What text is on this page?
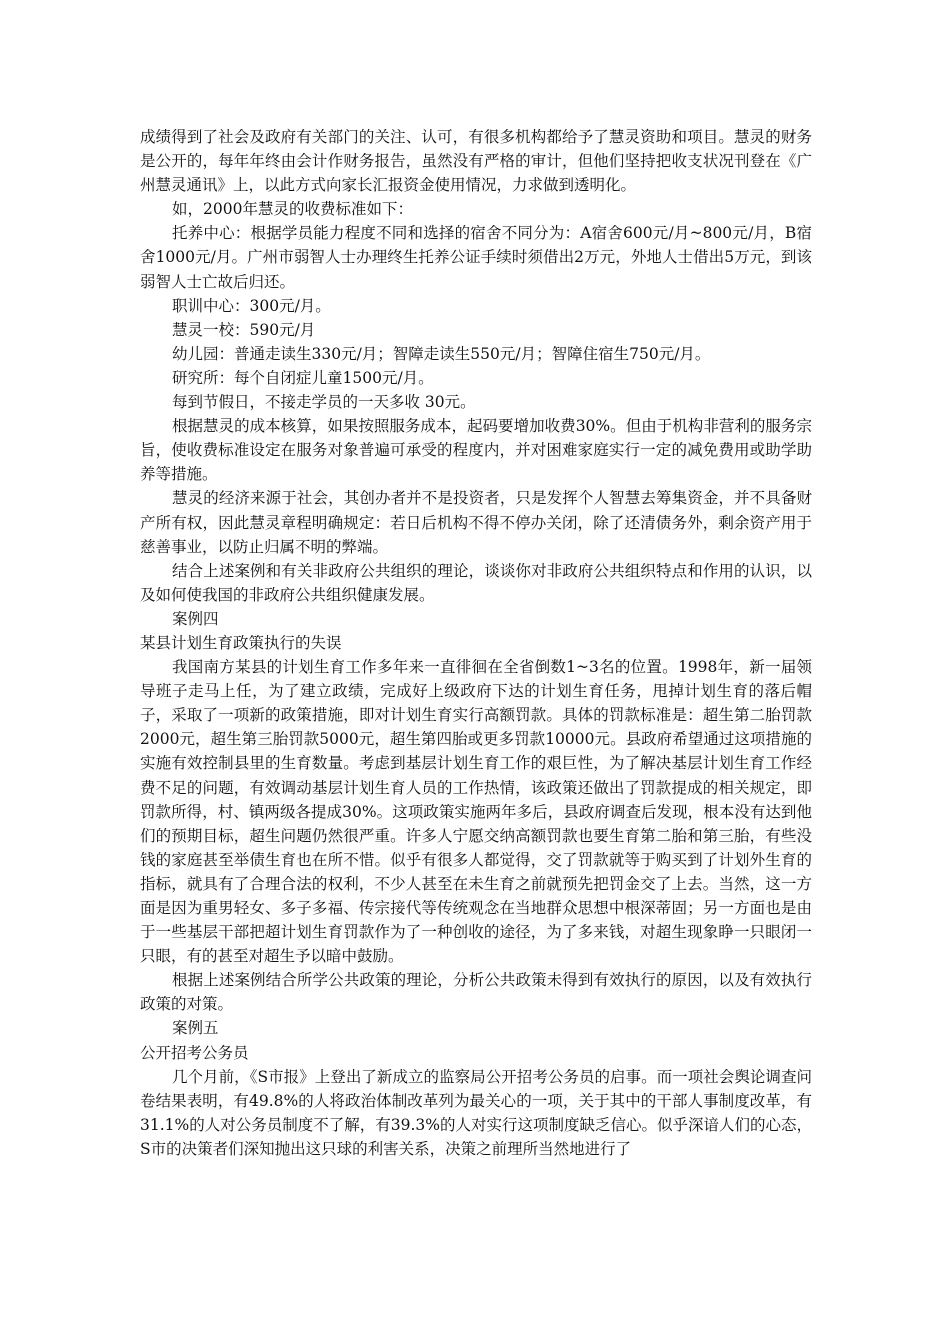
成绩得到了社会及政府有关部门的关注、认可，有很多机构都给予了慧灵资助和项目。慧灵的财务是公开的，每年年终由会计作财务报告，虽然没有严格的审计，但他们坚持把收支状况刊登在《广州慧灵通讯》上，以此方式向家长汇报资金使用情况，力求做到透明化。

如，2000年慧灵的收费标准如下：

托养中心：根据学员能力程度不同和选择的宿舍不同分为：A宿舍600元/月~800元/月，B宿舍1000元/月。广州市弱智人士办理终生托养公证手续时须借出2万元，外地人士借出5万元，到该弱智人士亡故后归还。

职训中心：300元/月。

慧灵一校：590元/月

幼儿园：普通走读生330元/月；智障走读生550元/月；智障住宿生750元/月。

研究所：每个自闭症儿童1500元/月。

每到节假日，不接走学员的一天多收 30元。

根据慧灵的成本核算，如果按照服务成本，起码要增加收费30%。但由于机构非营利的服务宗旨，使收费标准设定在服务对象普遍可承受的程度内，并对困难家庭实行一定的减免费用或助学助养等措施。

慧灵的经济来源于社会，其创办者并不是投资者，只是发挥个人智慧去筹集资金，并不具备财产所有权，因此慧灵章程明确规定：若日后机构不得不停办关闭，除了还清债务外，剩余资产用于慈善事业，以防止归属不明的弊端。

结合上述案例和有关非政府公共组织的理论，谈谈你对非政府公共组织特点和作用的认识，以及如何使我国的非政府公共组织健康发展。

案例四

某县计划生育政策执行的失误

我国南方某县的计划生育工作多年来一直徘徊在全省倒数1~3名的位置。1998年，新一届领导班子走马上任，为了建立政绩，完成好上级政府下达的计划生育任务，甩掉计划生育的落后帽子，采取了一项新的政策措施，即对计划生育实行高额罚款。具体的罚款标准是：超生第二胎罚款2000元，超生第三胎罚款5000元，超生第四胎或更多罚款10000元。县政府希望通过这项措施的实施有效控制县里的生育数量。考虑到基层计划生育工作的艰巨性，为了解决基层计划生育工作经费不足的问题，有效调动基层计划生育人员的工作热情，该政策还做出了罚款提成的相关规定，即罚款所得，村、镇两级各提成30%。这项政策实施两年多后，县政府调查后发现，根本没有达到他们的预期目标，超生问题仍然很严重。许多人宁愿交纳高额罚款也要生育第二胎和第三胎，有些没钱的家庭甚至举债生育也在所不惜。似乎有很多人都觉得，交了罚款就等于购买到了计划外生育的指标，就具有了合理合法的权利，不少人甚至在未生育之前就预先把罚金交了上去。当然，这一方面是因为重男轻女、多子多福、传宗接代等传统观念在当地群众思想中根深蒂固；另一方面也是由于一些基层干部把超计划生育罚款作为了一种创收的途径，为了多来钱，对超生现象睁一只眼闭一只眼，有的甚至对超生予以暗中鼓励。

根据上述案例结合所学公共政策的理论，分析公共政策未得到有效执行的原因，以及有效执行政策的对策。

案例五

公开招考公务员

几个月前，《S市报》上登出了新成立的监察局公开招考公务员的启事。而一项社会舆论调查问卷结果表明，有49.8%的人将政治体制改革列为最关心的一项，关于其中的干部人事制度改革，有31.1%的人对公务员制度不了解，有39.3%的人对实行这项制度缺乏信心。似乎深谙人们的心态，S市的决策者们深知抛出这只球的利害关系，决策之前理所当然地进行了
